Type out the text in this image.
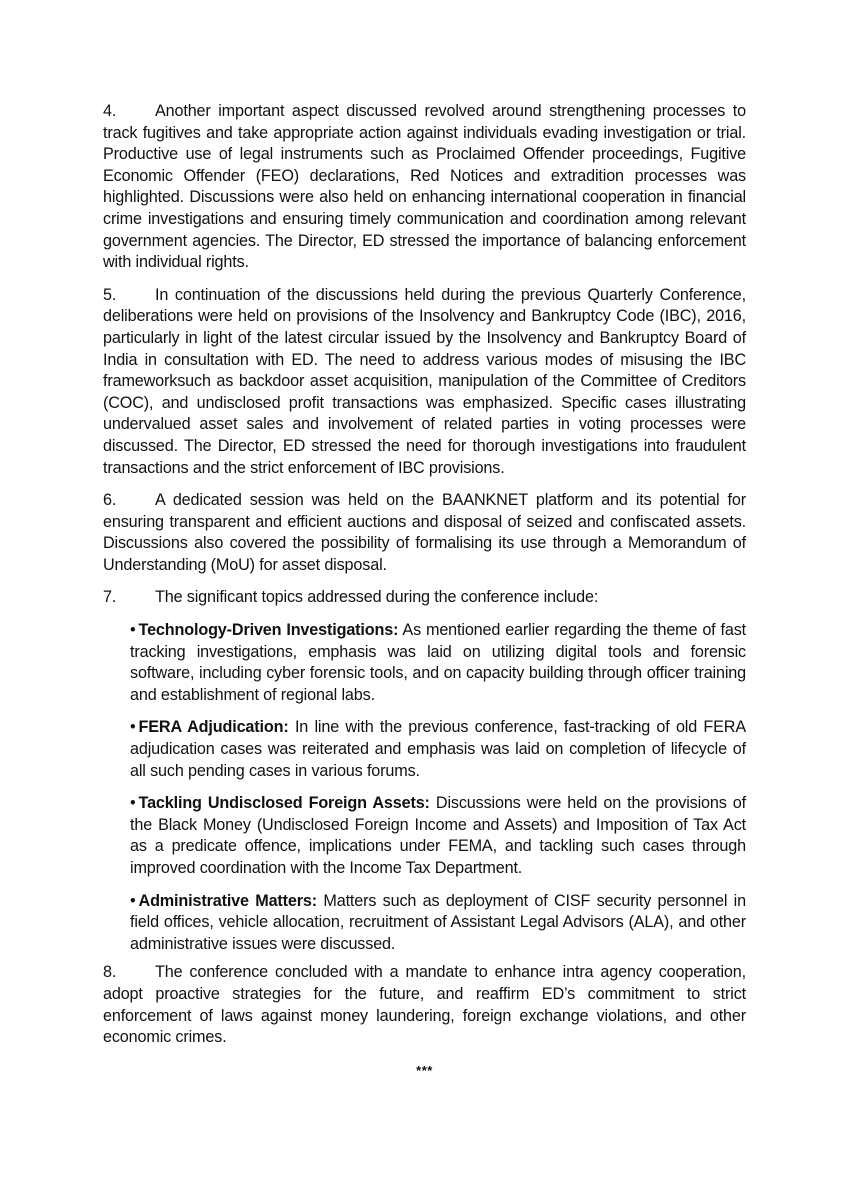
4. Another important aspect discussed revolved around strengthening processes to track fugitives and take appropriate action against individuals evading investigation or trial. Productive use of legal instruments such as Proclaimed Offender proceedings, Fugitive Economic Offender (FEO) declarations, Red Notices and extradition processes was highlighted. Discussions were also held on enhancing international cooperation in financial crime investigations and ensuring timely communication and coordination among relevant government agencies. The Director, ED stressed the importance of balancing enforcement with individual rights.

5. In continuation of the discussions held during the previous Quarterly Conference, deliberations were held on provisions of the Insolvency and Bankruptcy Code (IBC), 2016, particularly in light of the latest circular issued by the Insolvency and Bankruptcy Board of India in consultation with ED. The need to address various modes of misusing the IBC frameworksuch as backdoor asset acquisition, manipulation of the Committee of Creditors (COC), and undisclosed profit transactions was emphasized. Specific cases illustrating undervalued asset sales and involvement of related parties in voting processes were discussed. The Director, ED stressed the need for thorough investigations into fraudulent transactions and the strict enforcement of IBC provisions.

6. A dedicated session was held on the BAANKNET platform and its potential for ensuring transparent and efficient auctions and disposal of seized and confiscated assets. Discussions also covered the possibility of formalising its use through a Memorandum of Understanding (MoU) for asset disposal.

7. The significant topics addressed during the conference include:

• Technology-Driven Investigations: As mentioned earlier regarding the theme of fast tracking investigations, emphasis was laid on utilizing digital tools and forensic software, including cyber forensic tools, and on capacity building through officer training and establishment of regional labs.
• FERA Adjudication: In line with the previous conference, fast-tracking of old FERA adjudication cases was reiterated and emphasis was laid on completion of lifecycle of all such pending cases in various forums.
• Tackling Undisclosed Foreign Assets: Discussions were held on the provisions of the Black Money (Undisclosed Foreign Income and Assets) and Imposition of Tax Act as a predicate offence, implications under FEMA, and tackling such cases through improved coordination with the Income Tax Department.
• Administrative Matters: Matters such as deployment of CISF security personnel in field offices, vehicle allocation, recruitment of Assistant Legal Advisors (ALA), and other administrative issues were discussed.

8. The conference concluded with a mandate to enhance intra agency cooperation, adopt proactive strategies for the future, and reaffirm ED’s commitment to strict enforcement of laws against money laundering, foreign exchange violations, and other economic crimes.

***
